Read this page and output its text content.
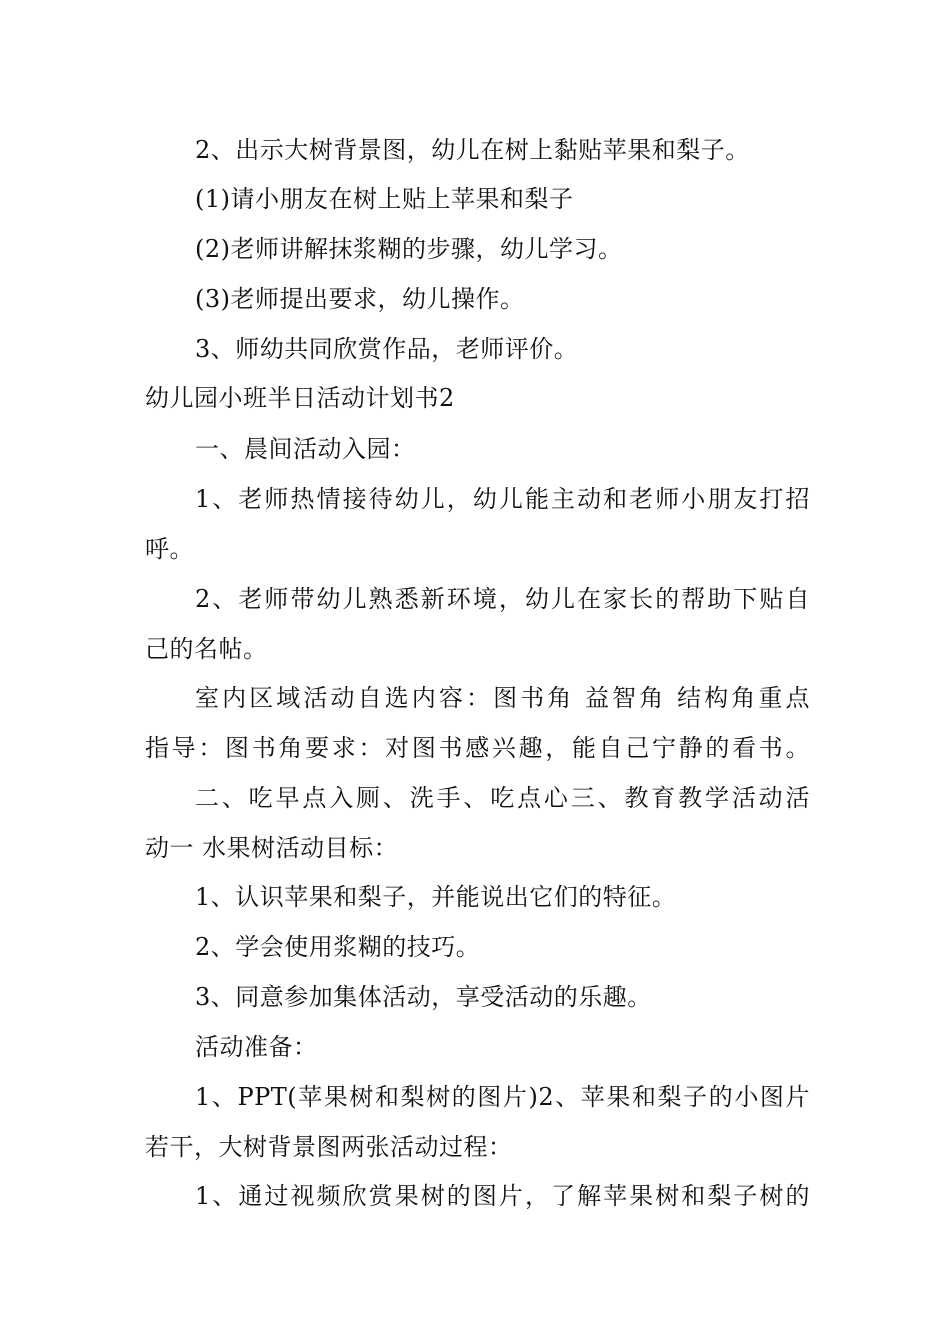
2、出示大树背景图，幼儿在树上黏贴苹果和梨子。
(1)请小朋友在树上贴上苹果和梨子
(2)老师讲解抹浆糊的步骤，幼儿学习。
(3)老师提出要求，幼儿操作。
3、师幼共同欣赏作品，老师评价。
幼儿园小班半日活动计划书2
一、晨间活动入园：
1、老师热情接待幼儿，幼儿能主动和老师小朋友打招
呼。
2、老师带幼儿熟悉新环境，幼儿在家长的帮助下贴自
己的名帖。
室内区域活动自选内容：图书角 益智角 结构角重点
指导：图书角要求：对图书感兴趣，能自己宁静的看书。
二、吃早点入厕、洗手、吃点心三、教育教学活动活
动一 水果树活动目标：
1、认识苹果和梨子，并能说出它们的特征。
2、学会使用浆糊的技巧。
3、同意参加集体活动，享受活动的乐趣。
活动准备：
1、PPT(苹果树和梨树的图片)2、苹果和梨子的小图片
若干，大树背景图两张活动过程：
1、通过视频欣赏果树的图片，了解苹果树和梨子树的
